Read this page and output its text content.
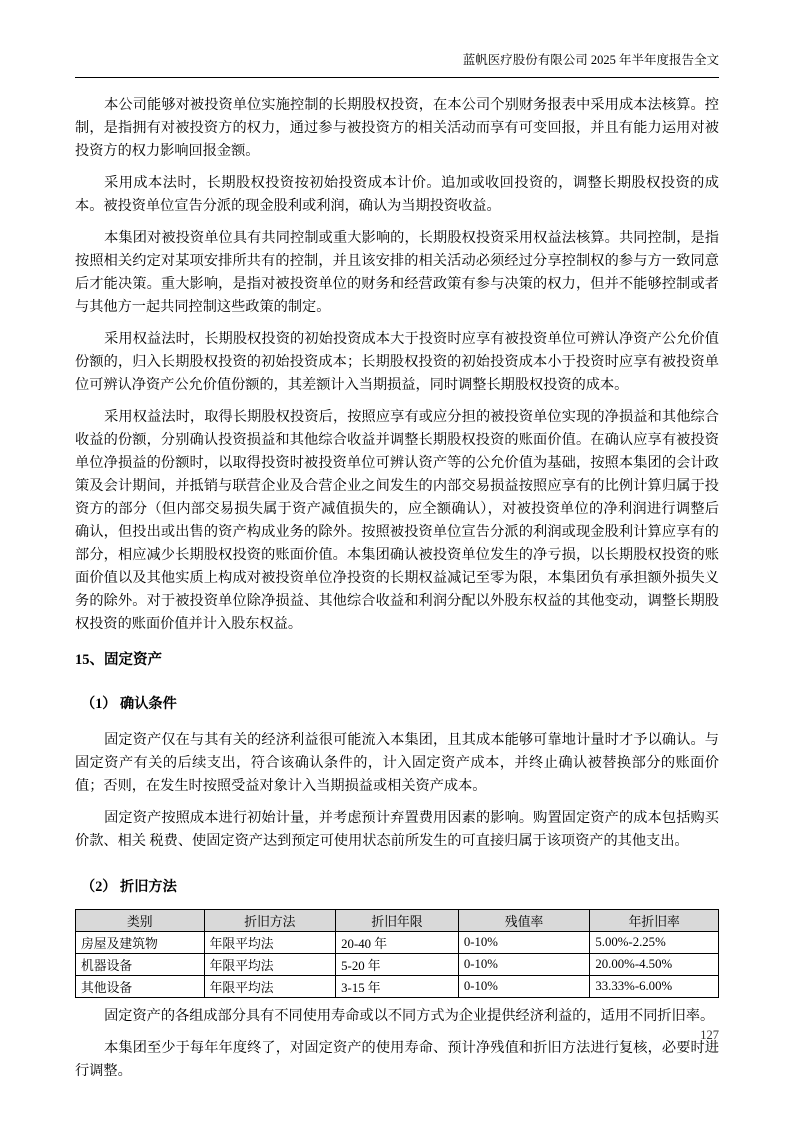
蓝帆医疗股份有限公司 2025 年半年度报告全文

本公司能够对被投资单位实施控制的长期股权投资，在本公司个别财务报表中采用成本法核算。控制，是指拥有对被投资方的权力，通过参与被投资方的相关活动而享有可变回报，并且有能力运用对被投资方的权力影响回报金额。

采用成本法时，长期股权投资按初始投资成本计价。追加或收回投资的，调整长期股权投资的成本。被投资单位宣告分派的现金股利或利润，确认为当期投资收益。

本集团对被投资单位具有共同控制或重大影响的，长期股权投资采用权益法核算。共同控制，是指按照相关约定对某项安排所共有的控制，并且该安排的相关活动必须经过分享控制权的参与方一致同意后才能决策。重大影响，是指对被投资单位的财务和经营政策有参与决策的权力，但并不能够控制或者与其他方一起共同控制这些政策的制定。

采用权益法时，长期股权投资的初始投资成本大于投资时应享有被投资单位可辨认净资产公允价值份额的，归入长期股权投资的初始投资成本；长期股权投资的初始投资成本小于投资时应享有被投资单位可辨认净资产公允价值份额的，其差额计入当期损益，同时调整长期股权投资的成本。

采用权益法时，取得长期股权投资后，按照应享有或应分担的被投资单位实现的净损益和其他综合收益的份额，分别确认投资损益和其他综合收益并调整长期股权投资的账面价值。在确认应享有被投资单位净损益的份额时，以取得投资时被投资单位可辨认资产等的公允价值为基础，按照本集团的会计政策及会计期间，并抵销与联营企业及合营企业之间发生的内部交易损益按照应享有的比例计算归属于投资方的部分（但内部交易损失属于资产减值损失的，应全额确认），对被投资单位的净利润进行调整后确认，但投出或出售的资产构成业务的除外。按照被投资单位宣告分派的利润或现金股利计算应享有的部分，相应减少长期股权投资的账面价值。本集团确认被投资单位发生的净亏损，以长期股权投资的账面价值以及其他实质上构成对被投资单位净投资的长期权益减记至零为限，本集团负有承担额外损失义务的除外。对于被投资单位除净损益、其他综合收益和利润分配以外股东权益的其他变动，调整长期股权投资的账面价值并计入股东权益。

15、固定资产
（1） 确认条件

固定资产仅在与其有关的经济利益很可能流入本集团，且其成本能够可靠地计量时才予以确认。与固定资产有关的后续支出，符合该确认条件的，计入固定资产成本，并终止确认被替换部分的账面价值；否则，在发生时按照受益对象计入当期损益或相关资产成本。

固定资产按照成本进行初始计量，并考虑预计弃置费用因素的影响。购置固定资产的成本包括购买价款、相关 税费、使固定资产达到预定可使用状态前所发生的可直接归属于该项资产的其他支出。

（2） 折旧方法
类别	折旧方法	折旧年限	残值率	年折旧率
房屋及建筑物	年限平均法	20-40 年	0-10%	5.00%-2.25%
机器设备	年限平均法	5-20 年	0-10%	20.00%-4.50%
其他设备	年限平均法	3-15 年	0-10%	33.33%-6.00%

固定资产的各组成部分具有不同使用寿命或以不同方式为企业提供经济利益的，适用不同折旧率。

本集团至少于每年年度终了，对固定资产的使用寿命、预计净残值和折旧方法进行复核，必要时进行调整。

127
